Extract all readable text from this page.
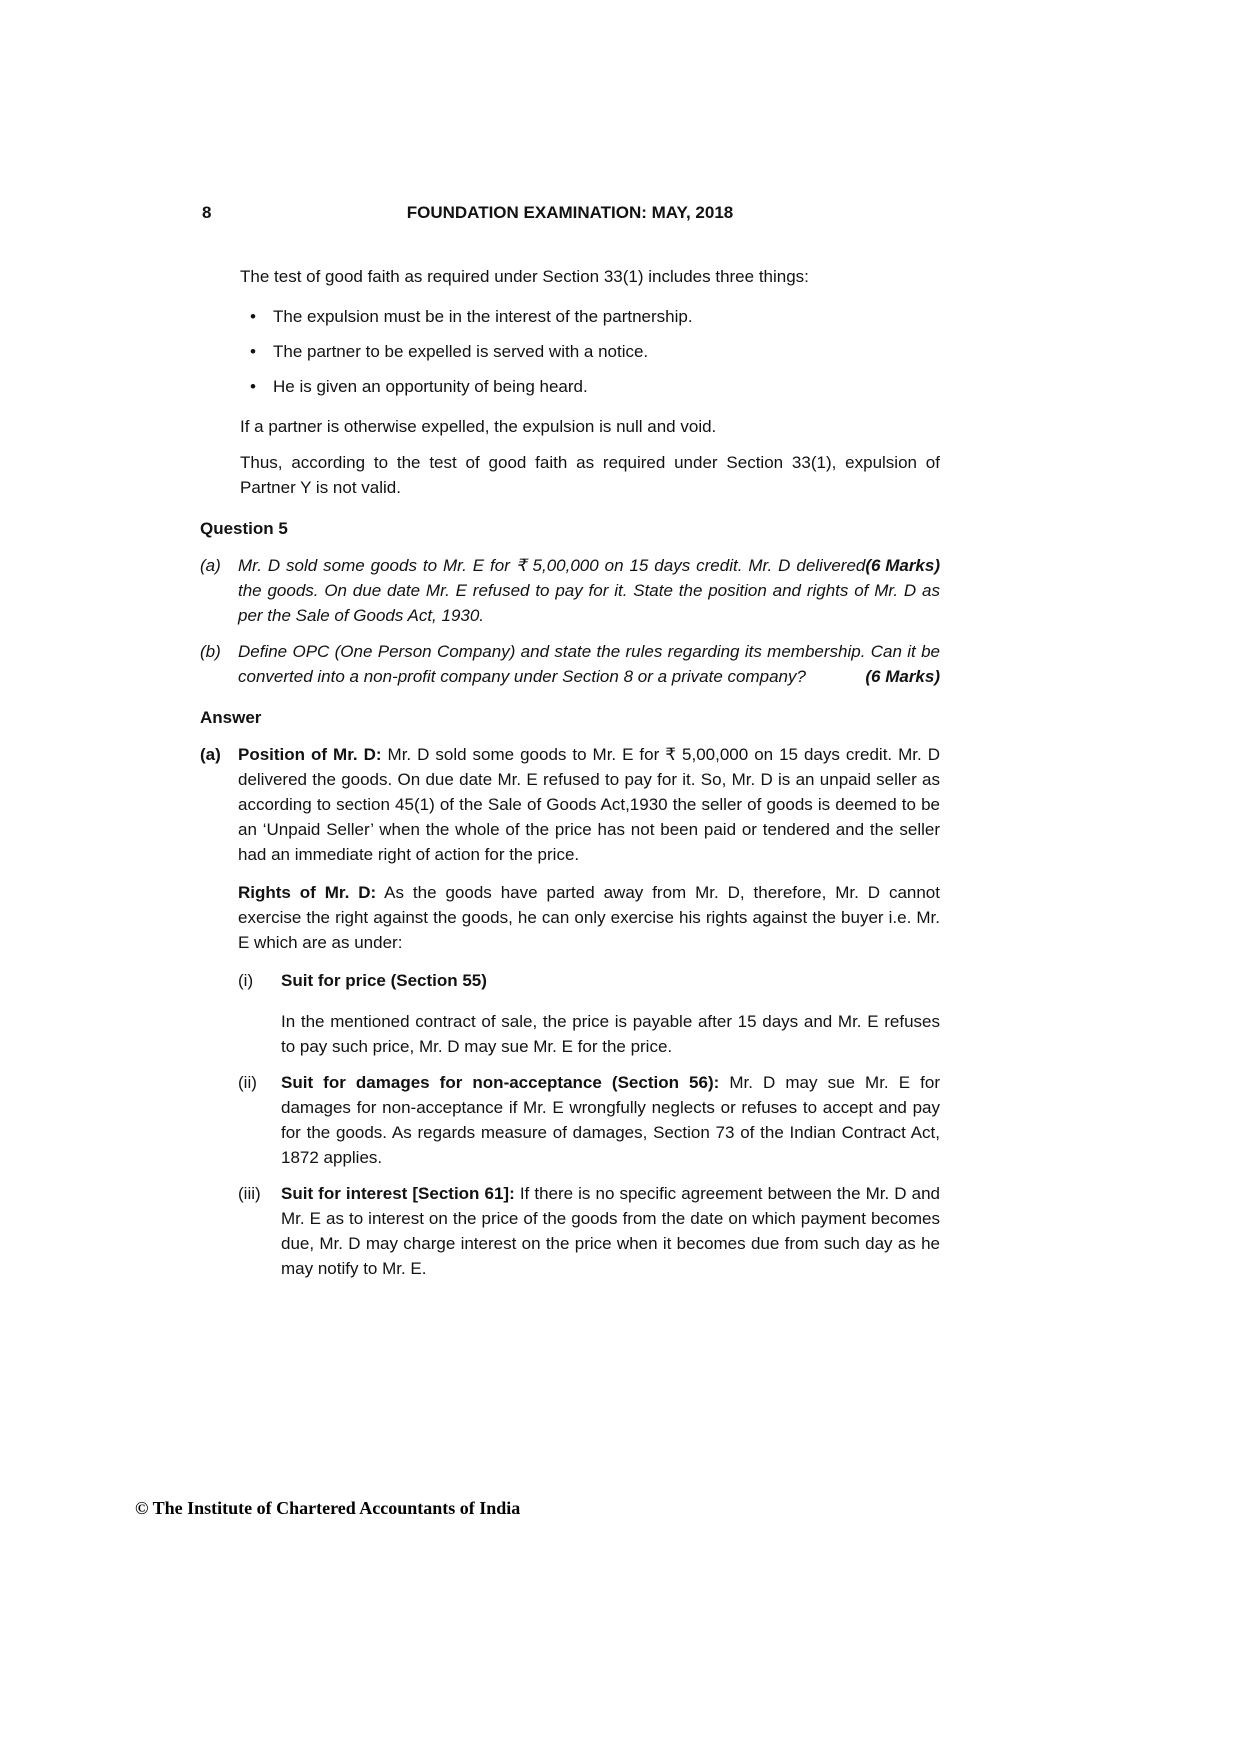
8	FOUNDATION EXAMINATION: MAY, 2018

The test of good faith as required under Section 33(1) includes three things:

•	The expulsion must be in the interest of the partnership.
•	The partner to be expelled is served with a notice.
•	He is given an opportunity of being heard.

If a partner is otherwise expelled, the expulsion is null and void.

Thus, according to the test of good faith as required under Section 33(1), expulsion of Partner Y is not valid.

Question 5
(a)	(6 Marks)
Mr. D sold some goods to Mr. E for ₹ 5,00,000 on 15 days credit. Mr. D delivered the goods. On due date Mr. E refused to pay for it. State the position and rights of Mr. D as per the Sale of Goods Act, 1930.
(b)	Define OPC (One Person Company) and state the rules regarding its membership. Can it be converted into a non-profit company under Section 8 or a private company?	(6 Marks)
Answer
(a)	Position of Mr. D: Mr. D sold some goods to Mr. E for ₹ 5,00,000 on 15 days credit. Mr. D delivered the goods. On due date Mr. E refused to pay for it. So, Mr. D is an unpaid seller as according to section 45(1) of the Sale of Goods Act,1930 the seller of goods is deemed to be an ‘Unpaid Seller’ when the whole of the price has not been paid or tendered and the seller had an immediate right of action for the price.

Rights of Mr. D: As the goods have parted away from Mr. D, therefore, Mr. D cannot exercise the right against the goods, he can only exercise his rights against the buyer i.e. Mr. E which are as under:

(i)	Suit for price (Section 55)

In the mentioned contract of sale, the price is payable after 15 days and Mr. E refuses to pay such price, Mr. D may sue Mr. E for the price.

(ii)	Suit for damages for non-acceptance (Section 56): Mr. D may sue Mr. E for damages for non-acceptance if Mr. E wrongfully neglects or refuses to accept and pay for the goods. As regards measure of damages, Section 73 of the Indian Contract Act, 1872 applies.
(iii)	Suit for interest [Section 61]: If there is no specific agreement between the Mr. D and Mr. E as to interest on the price of the goods from the date on which payment becomes due, Mr. D may charge interest on the price when it becomes due from such day as he may notify to Mr. E.
© The Institute of Chartered Accountants of India
